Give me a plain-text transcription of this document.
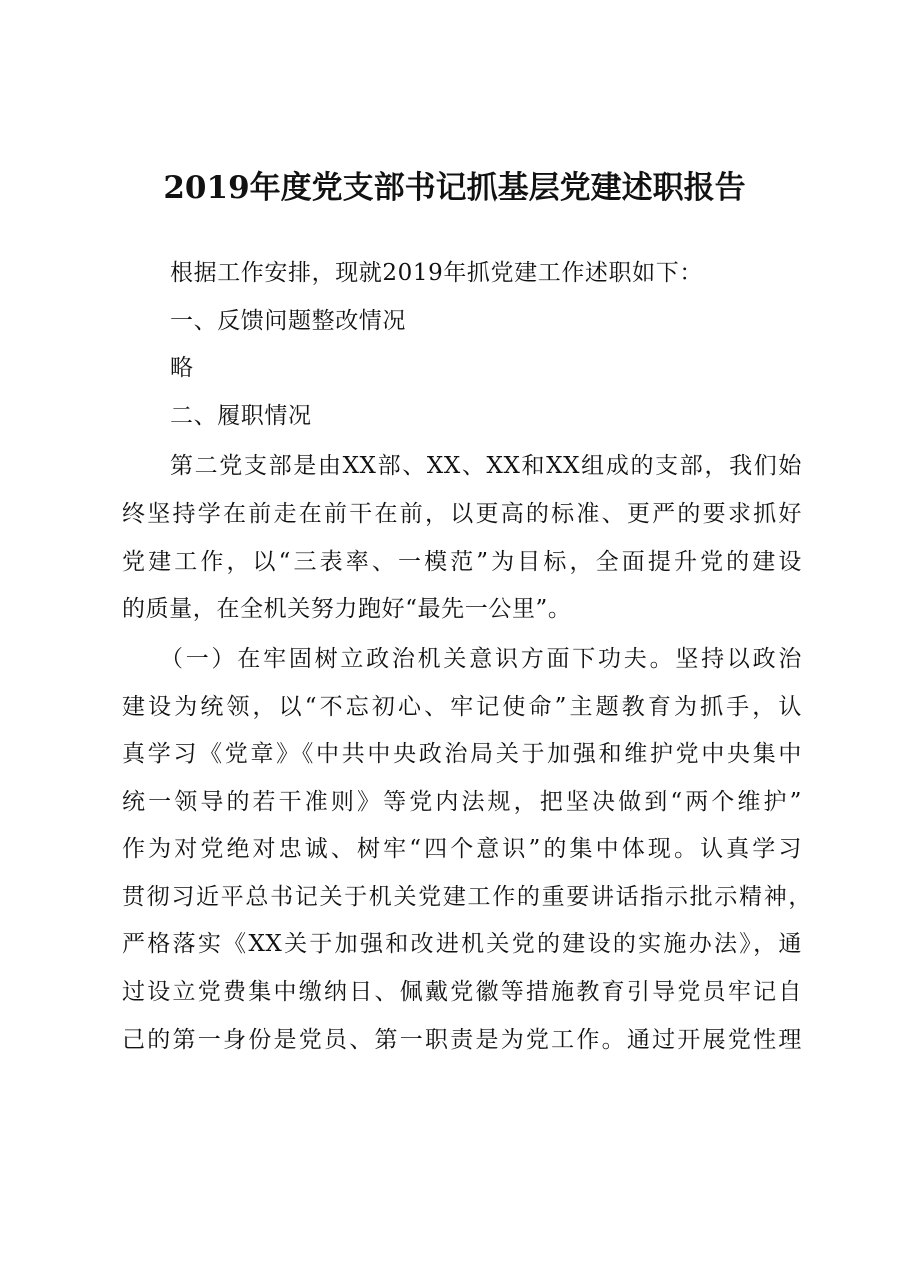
2019年度党支部书记抓基层党建述职报告
根据工作安排，现就2019年抓党建工作述职如下：
一、反馈问题整改情况
略
二、履职情况
第二党支部是由XX部、XX、XX和XX组成的支部，我们始
终坚持学在前走在前干在前，以更高的标准、更严的要求抓好
党建工作，以“三表率、一模范”为目标，全面提升党的建设
的质量，在全机关努力跑好“最先一公里”。
（一）在牢固树立政治机关意识方面下功夫。坚持以政治
建设为统领，以“不忘初心、牢记使命”主题教育为抓手，认
真学习《党章》《中共中央政治局关于加强和维护党中央集中
统一领导的若干准则》等党内法规，把坚决做到“两个维护”
作为对党绝对忠诚、树牢“四个意识”的集中体现。认真学习
贯彻习近平总书记关于机关党建工作的重要讲话指示批示精神，
严格落实《XX关于加强和改进机关党的建设的实施办法》，通
过设立党费集中缴纳日、佩戴党徽等措施教育引导党员牢记自
己的第一身份是党员、第一职责是为党工作。通过开展党性理
